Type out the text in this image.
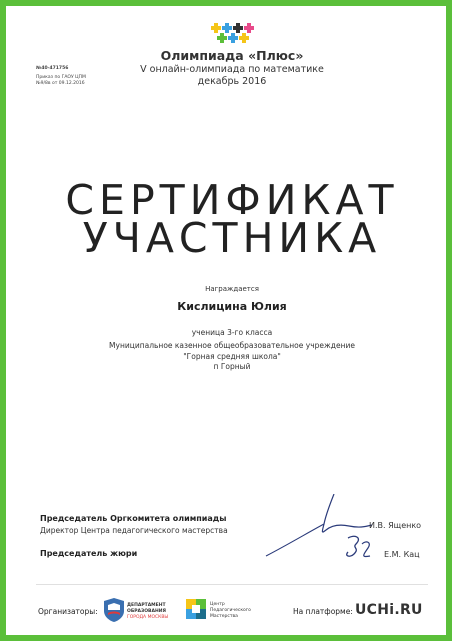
Олимпиада «Плюс»
V онлайн-олимпиада по математике
декабрь 2016
№40-471756
Приказ по ГАОУ ЦПМ
№9/8в от 09.12.2016
СЕРТИФИКАТ
УЧАСТНИКА
Награждается
Кислицина Юлия
ученица 3-го класса
Муниципальное казенное общеобразовательное учреждение
"Горная средняя школа"
п Горный
Председатель Оргкомитета олимпиады
Директор Центра педагогического мастерства
И.В. Ященко
Председатель жюри	Е.М. Кац
Организаторы:
ДЕПАРТАМЕНТ
ОБРАЗОВАНИЯ
ГОРОДА МОСКВЫ
Центр
Педагогического
Мастерства
На платформе: UCHi.RU
